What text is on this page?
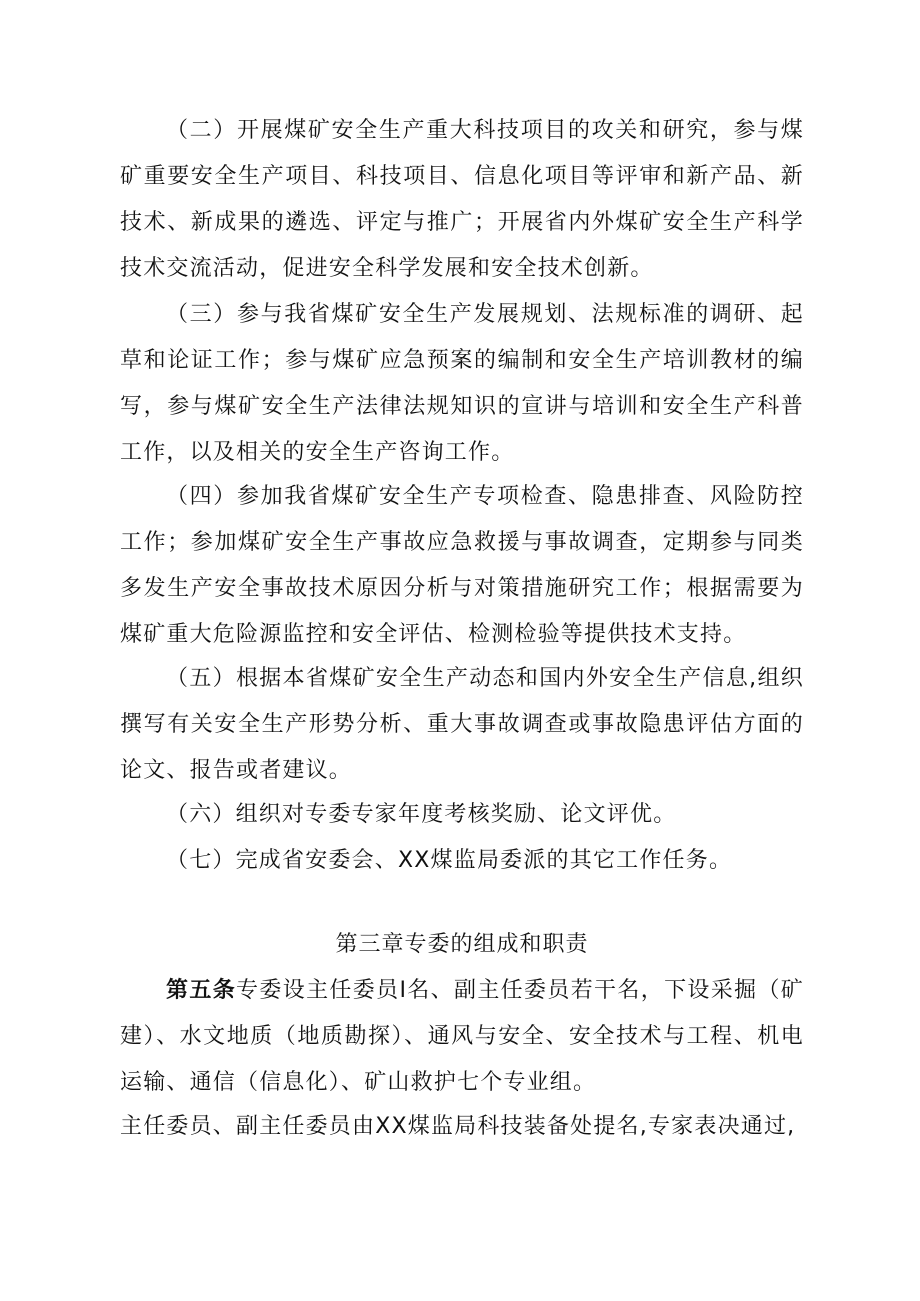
（二）开展煤矿安全生产重大科技项目的攻关和研究，参与煤矿重要安全生产项目、科技项目、信息化项目等评审和新产品、新技术、新成果的遴选、评定与推广；开展省内外煤矿安全生产科学技术交流活动，促进安全科学发展和安全技术创新。

（三）参与我省煤矿安全生产发展规划、法规标准的调研、起草和论证工作；参与煤矿应急预案的编制和安全生产培训教材的编写，参与煤矿安全生产法律法规知识的宣讲与培训和安全生产科普工作，以及相关的安全生产咨询工作。

（四）参加我省煤矿安全生产专项检查、隐患排查、风险防控工作；参加煤矿安全生产事故应急救援与事故调查，定期参与同类多发生产安全事故技术原因分析与对策措施研究工作；根据需要为煤矿重大危险源监控和安全评估、检测检验等提供技术支持。

（五）根据本省煤矿安全生产动态和国内外安全生产信息,组织撰写有关安全生产形势分析、重大事故调查或事故隐患评估方面的论文、报告或者建议。

（六）组织对专委专家年度考核奖励、论文评优。

（七）完成省安委会、XX煤监局委派的其它工作任务。

第三章专委的组成和职责

第五条专委设主任委员I名、副主任委员若干名，下设采掘（矿建）、水文地质（地质勘探）、通风与安全、安全技术与工程、机电运输、通信（信息化）、矿山救护七个专业组。

主任委员、副主任委员由XX煤监局科技装备处提名,专家表决通过,
